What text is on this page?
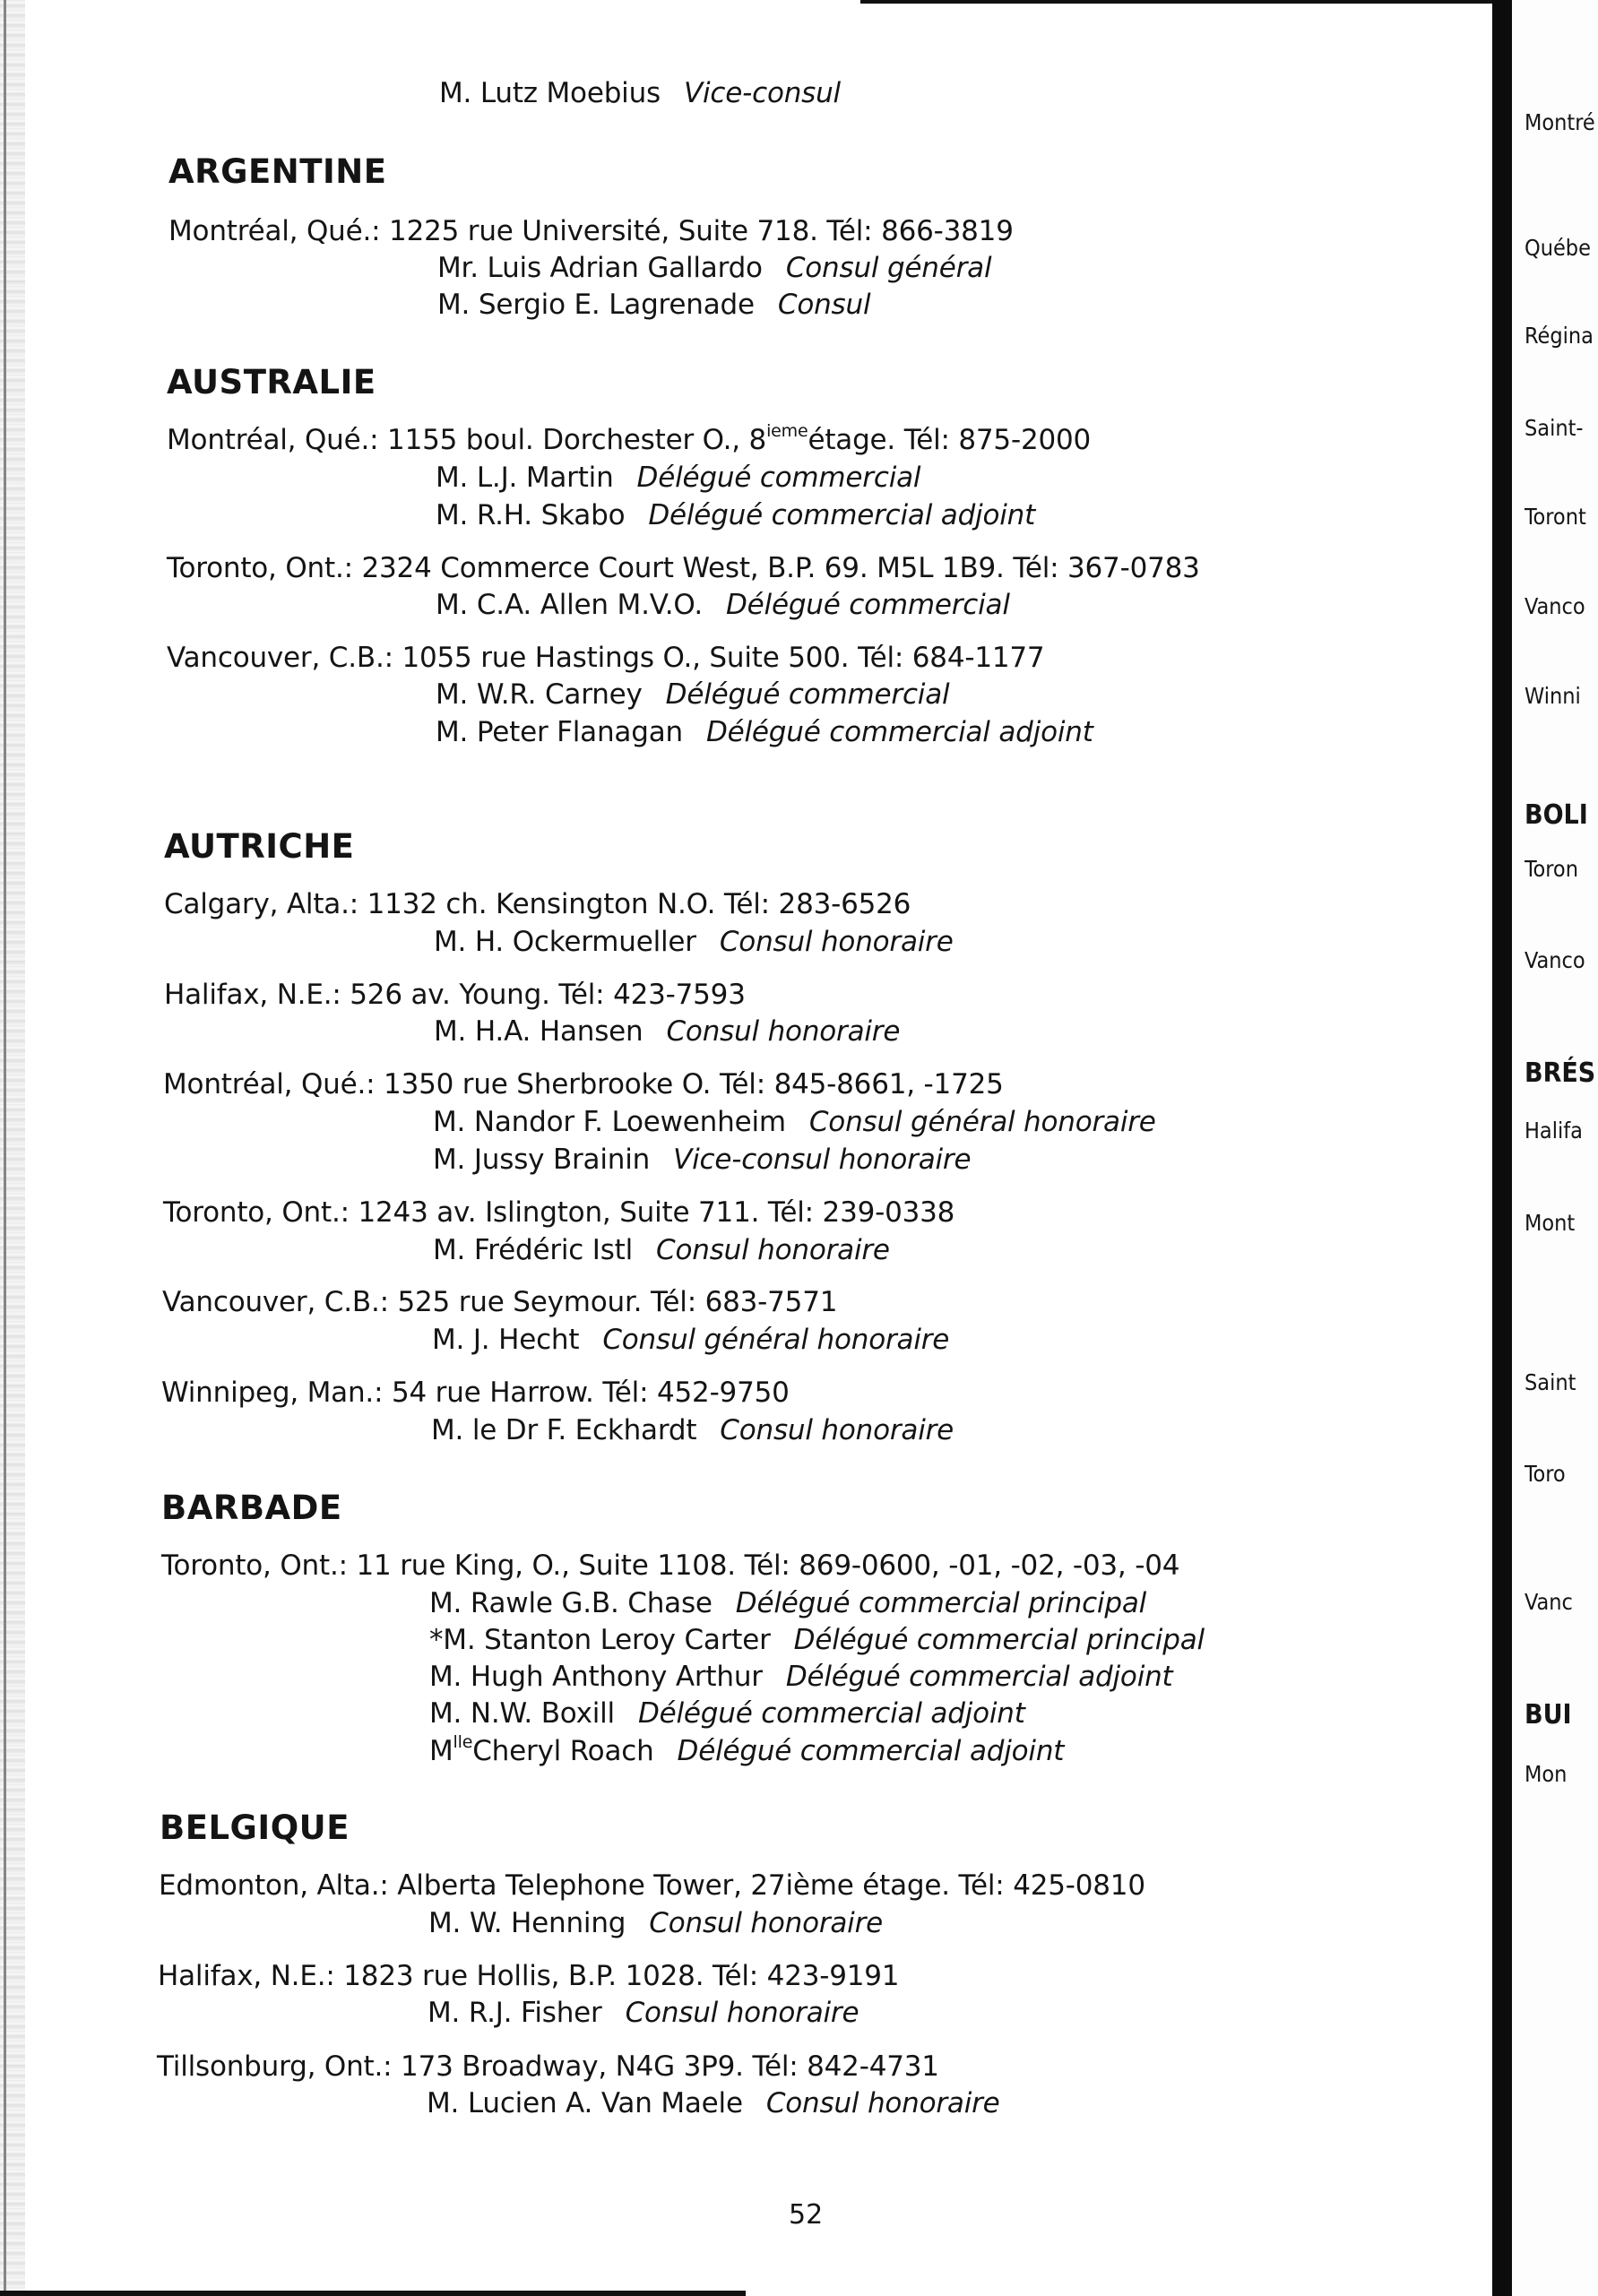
M. Lutz Moebius Vice-consul
ARGENTINE
Montréal, Qué.: 1225 rue Université, Suite 718. Tél: 866-3819
Mr. Luis Adrian Gallardo Consul général
M. Sergio E. Lagrenade Consul
AUSTRALIE
Montréal, Qué.: 1155 boul. Dorchester O., 8iemeétage. Tél: 875-2000
M. L.J. Martin Délégué commercial
M. R.H. Skabo Délégué commercial adjoint
Toronto, Ont.: 2324 Commerce Court West, B.P. 69. M5L 1B9. Tél: 367-0783
M. C.A. Allen M.V.O. Délégué commercial
Vancouver, C.B.: 1055 rue Hastings O., Suite 500. Tél: 684-1177
M. W.R. Carney Délégué commercial
M. Peter Flanagan Délégué commercial adjoint
AUTRICHE
Calgary, Alta.: 1132 ch. Kensington N.O. Tél: 283-6526
M. H. Ockermueller Consul honoraire
Halifax, N.E.: 526 av. Young. Tél: 423-7593
M. H.A. Hansen Consul honoraire
Montréal, Qué.: 1350 rue Sherbrooke O. Tél: 845-8661, -1725
M. Nandor F. Loewenheim Consul général honoraire
M. Jussy Brainin Vice-consul honoraire
Toronto, Ont.: 1243 av. Islington, Suite 711. Tél: 239-0338
M. Frédéric Istl Consul honoraire
Vancouver, C.B.: 525 rue Seymour. Tél: 683-7571
M. J. Hecht Consul général honoraire
Winnipeg, Man.: 54 rue Harrow. Tél: 452-9750
M. le Dr F. Eckhardt Consul honoraire
BARBADE
Toronto, Ont.: 11 rue King, O., Suite 1108. Tél: 869-0600, -01, -02, -03, -04
M. Rawle G.B. Chase Délégué commercial principal
*M. Stanton Leroy Carter Délégué commercial principal
M. Hugh Anthony Arthur Délégué commercial adjoint
M. N.W. Boxill Délégué commercial adjoint
$M^{lle}Cheryl$ Roach Délégué commercial adjoint
BELGIQUE
Edmonton, Alta.: Alberta Telephone Tower, 27ième étage. Tél: 425-0810
M. W. Henning Consul honoraire
Halifax, N.E.: 1823 rue Hollis, B.P. 1028. Tél: 423-9191
M. R.J. Fisher Consul honoraire
Tillsonburg, Ont.: 173 Broadway, N4G 3P9. Tél: 842-4731
M. Lucien A. Van Maele Consul honoraire
52
Montré
Québe
Régina
Saint-
Toront
Vanco
Winni
BOLI
Toron
Vanco
BRÉS
Halifa
Mont
Saint
Toro
Vanc
BUI
Mon
